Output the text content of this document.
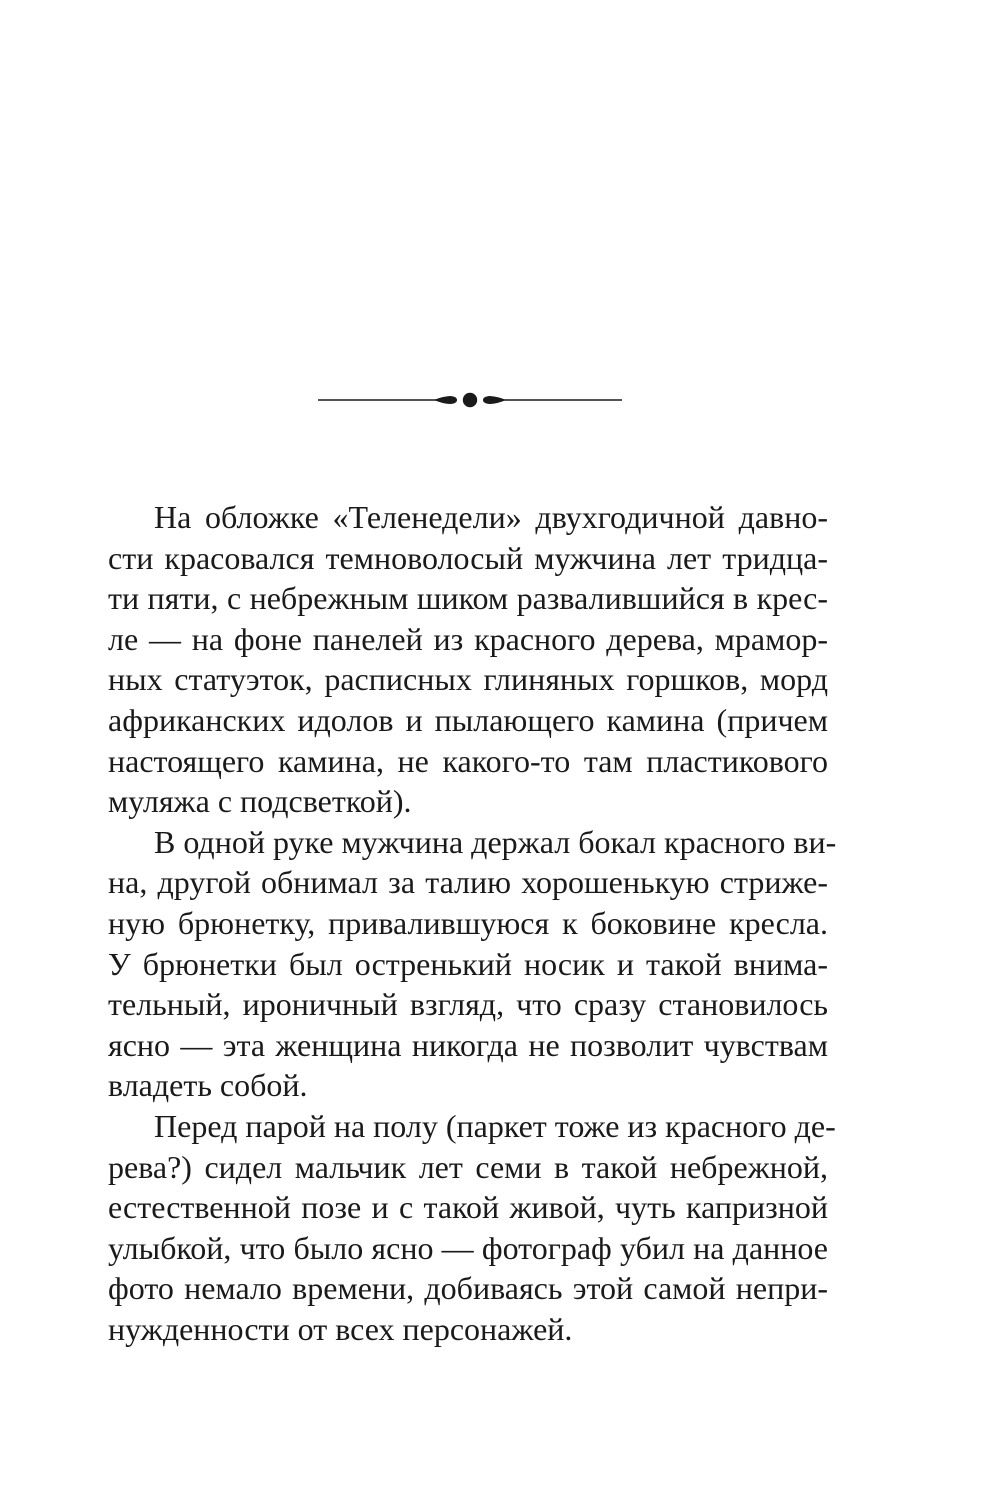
На обложке «Теленедели» двухгодичной давно-
сти красовался темноволосый мужчина лет тридца-
ти пяти, с небрежным шиком развалившийся в крес-
ле — на фоне панелей из красного дерева, мрамор-
ных статуэток, расписных глиняных горшков, морд
африканских идолов и пылающего камина (причем
настоящего камина, не какого-то там пластикового
муляжа с подсветкой).
В одной руке мужчина держал бокал красного ви-
на, другой обнимал за талию хорошенькую стриже-
ную брюнетку, привалившуюся к боковине кресла.
У брюнетки был остренький носик и такой внима-
тельный, ироничный взгляд, что сразу становилось
ясно — эта женщина никогда не позволит чувствам
владеть собой.
Перед парой на полу (паркет тоже из красного де-
рева?) сидел мальчик лет семи в такой небрежной,
естественной позе и с такой живой, чуть капризной
улыбкой, что было ясно — фотограф убил на данное
фото немало времени, добиваясь этой самой непри-
нужденности от всех персонажей.
